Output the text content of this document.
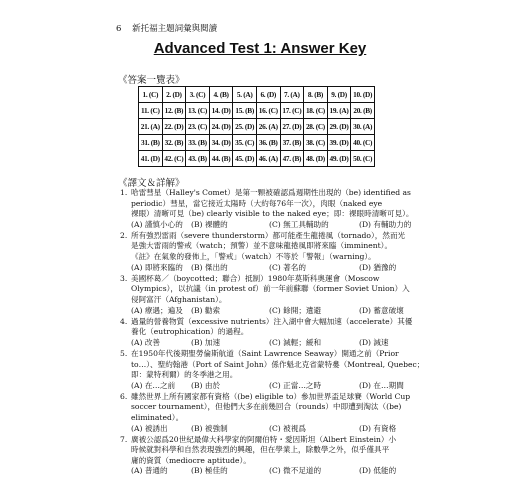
6 新托福主題詞彙與閱讀
Advanced Test 1: Answer Key
《答案一覽表》
1. (C)	2. (D)	3. (C)	4. (B)	5. (A)	6. (D)	7. (A)	8. (B)	9. (D)	10. (D)
11. (C)	12. (B)	13. (C)	14. (D)	15. (B)	16. (C)	17. (C)	18. (C)	19. (A)	20. (B)
21. (A)	22. (D)	23. (C)	24. (D)	25. (D)	26. (A)	27. (D)	28. (C)	29. (D)	30. (A)
31. (B)	32. (B)	33. (B)	34. (D)	35. (C)	36. (B)	37. (B)	38. (C)	39. (D)	40. (C)
41. (D)	42. (C)	43. (B)	44. (B)	45. (D)	46. (A)	47. (B)	48. (D)	49. (D)	50. (C)
《譯文＆詳解》
1. 哈雷彗星（Halley's Comet）是第一顆被確認爲週期性出現的（be) identified as
periodic）彗星，當它接近太陽時（大約每76年一次），肉眼（naked eye
裸眼）清晰可見（be) clearly visible to the naked eye；即：裸眼時清晰可見）。
(A) 謹慎小心的	(B) 裸體的	(C) 無工具輔助的	(D) 有輔助力的
2. 所有強烈雷雨（severe thunderstorm）都可能產生龍捲風（tornado），然而光
是強大雷雨的警戒（watch；預警）並不意味龍捲風即將來臨（imminent）。
《註》在氣象的發佈上，「警戒」（watch）不等於「警報」（warning）。
(A) 即將來臨的	(B) 傑出的	(C) 著名的	(D) 猶豫的
3. 美國杯葛／（boycotted；聯合）抵制）1980年莫斯科奧運會（Moscow
Olympics），以抗議（in protest of）前一年前蘇聯（former Soviet Union）入
侵阿富汗（Afghanistan）。
(A) 療遇；遍及	(B) 勸索	(C) 餘開；遺避	(D) 蓄意破壞
4. 過量的營養物質（excessive nutrients）注入湖中會大幅加速（accelerate）其優
養化（eutrophication）的過程。
(A) 改善	(B) 加速	(C) 減輕；緩和	(D) 減速
5. 在1950年代後期聖勞倫斯航道（Saint Lawrence Seaway）開通之前（Prior
to…）、聖約翰港（Port of Saint John）係作魁北克省蒙特婁（Montreal, Quebec；
即：蒙特利爾）的冬季港之用。
(A) 在…之前	(B) 由於	(C) 正當…之時	(D) 在…期間
6. 雖然世界上所有國家都有資格（(be) eligible to）參加世界盃足球賽（World Cup
soccer tournament），但他們大多在前幾回合（rounds）中即遭到淘汰（(be)
eliminated）。
(A) 被誘出	(B) 被強制	(C) 被視爲	(D) 有資格
7. 廣被公認爲20世紀最偉大科學家的阿爾伯特・愛因斯坦（Albert Einstein）小
時候就對科學和自然表現強烈的興趣，但在學業上，除數學之外，似乎僅具平
庸的資質（mediocre aptitude）。
(A) 普通的	(B) 極佳的	(C) 微不足道的	(D) 低能的
